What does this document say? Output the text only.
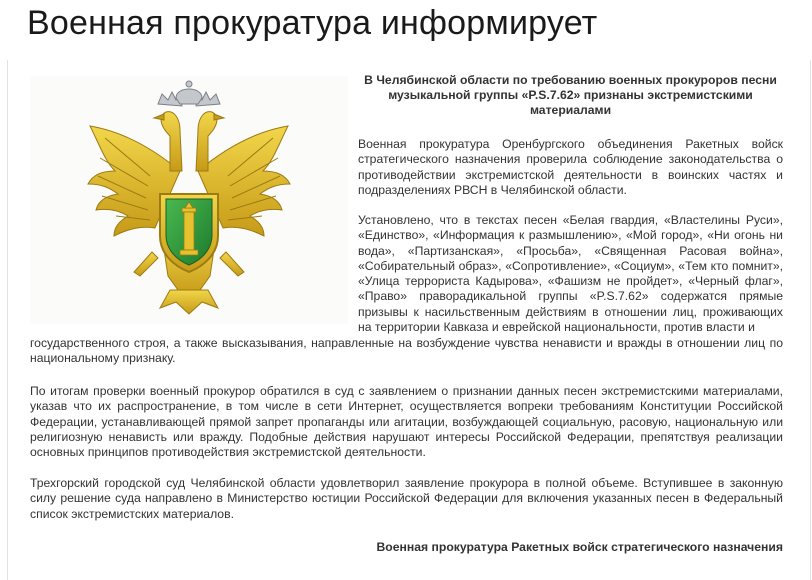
Военная прокуратура информирует
В Челябинской области по требованию военных прокуроров песни музыкальной группы «P.S.7.62» признаны экстремистскими материалами

Военная прокуратура Оренбургского объединения Ракетных войск стратегического назначения проверила соблюдение законодательства о противодействии экстремистской деятельности в воинских частях и подразделениях РВСН в Челябинской области.

Установлено, что в текстах песен «Белая гвардия, «Властелины Руси», «Единство», «Информация к размышлению», «Мой город», «Ни огонь ни вода», «Партизанская», «Просьба», «Священная Расовая война», «Собирательный образ», «Сопротивление», «Социум», «Тем кто помнит», «Улица террориста Кадырова», «Фашизм не пройдет», «Черный флаг», «Право» праворадикальной группы «P.S.7.62» содержатся прямые призывы к насильственным действиям в отношении лиц, проживающих на территории Кавказа и еврейской национальности, против власти и

государственного строя, а также высказывания, направленные на возбуждение чувства ненависти и вражды в отношении лиц по национальному признаку.

По итогам проверки военный прокурор обратился в суд с заявлением о признании данных песен экстремистскими материалами, указав что их распространение, в том числе в сети Интернет, осуществляется вопреки требованиям Конституции Российской Федерации, устанавливающей прямой запрет пропаганды или агитации, возбуждающей социальную, расовую, национальную или религиозную ненависть или вражду. Подобные действия нарушают интересы Российской Федерации, препятствуя реализации основных принципов противодействия экстремистской деятельности.

Трехгорский городской суд Челябинской области удовлетворил заявление прокурора в полной объеме. Вступившее в законную силу решение суда направлено в Министерство юстиции Российской Федерации для включения указанных песен в Федеральный список экстремистских материалов.

Военная прокуратура Ракетных войск стратегического назначения
